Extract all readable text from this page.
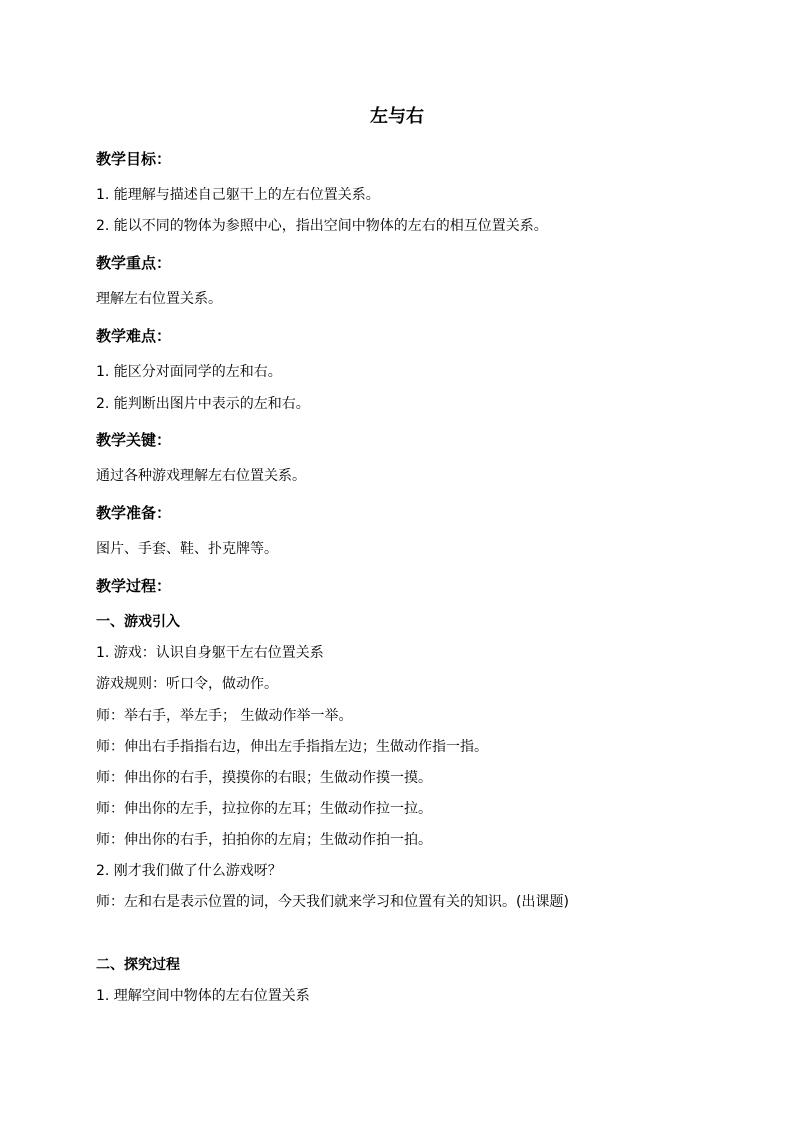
左与右
教学目标：
1. 能理解与描述自己躯干上的左右位置关系。
2. 能以不同的物体为参照中心，指出空间中物体的左右的相互位置关系。
教学重点：
理解左右位置关系。
教学难点：
1. 能区分对面同学的左和右。
2. 能判断出图片中表示的左和右。
教学关键：
通过各种游戏理解左右位置关系。
教学准备：
图片、手套、鞋、扑克牌等。
教学过程：
一、游戏引入
1. 游戏：认识自身躯干左右位置关系
游戏规则：听口令，做动作。
师：举右手，举左手； 生做动作举一举。
师：伸出右手指指右边，伸出左手指指左边；生做动作指一指。
师：伸出你的右手，摸摸你的右眼；生做动作摸一摸。
师：伸出你的左手，拉拉你的左耳；生做动作拉一拉。
师：伸出你的右手，拍拍你的左肩；生做动作拍一拍。
2. 刚才我们做了什么游戏呀？
师：左和右是表示位置的词，今天我们就来学习和位置有关的知识。(出课题)
二、探究过程
1. 理解空间中物体的左右位置关系
